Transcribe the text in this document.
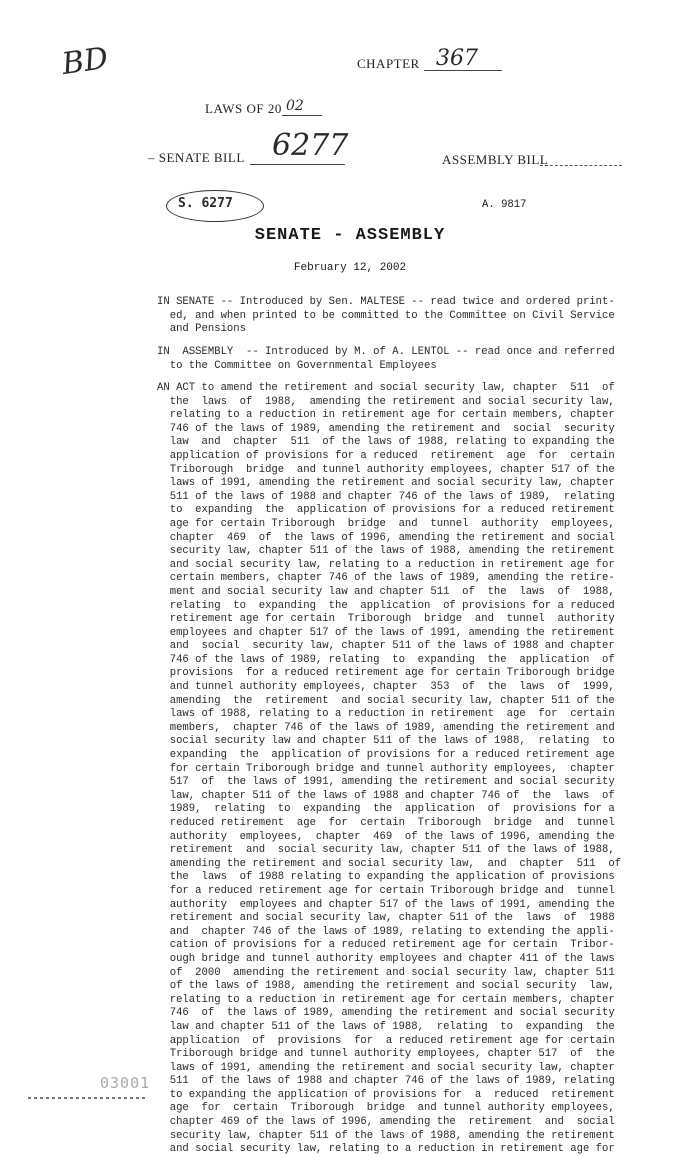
BD	CHAPTER 367
LAWS OF 20 02
– SENATE BILL 6277	ASSEMBLY BILL
S. 6277	A. 9817
SENATE - ASSEMBLY
February 12, 2002
IN SENATE -- Introduced by Sen. MALTESE -- read twice and ordered print-
ed, and when printed to be committed to the Committee on Civil Service
and Pensions
IN  ASSEMBLY  -- Introduced by M. of A. LENTOL -- read once and referred
to the Committee on Governmental Employees
AN ACT to amend the retirement and social security law, chapter  511  of
the  laws  of  1988,  amending the retirement and social security law,
relating to a reduction in retirement age for certain members, chapter
746 of the laws of 1989, amending the retirement and  social  security
law  and  chapter  511  of the laws of 1988, relating to expanding the
application of provisions for a reduced  retirement  age  for  certain
Triborough  bridge  and tunnel authority employees, chapter 517 of the
laws of 1991, amending the retirement and social security law, chapter
511 of the laws of 1988 and chapter 746 of the laws of 1989,  relating
to  expanding  the  application of provisions for a reduced retirement
age for certain Triborough  bridge  and  tunnel  authority  employees,
chapter  469  of  the laws of 1996, amending the retirement and social
security law, chapter 511 of the laws of 1988, amending the retirement
and social security law, relating to a reduction in retirement age for
certain members, chapter 746 of the laws of 1989, amending the retire-
ment and social security law and chapter 511  of  the  laws  of  1988,
relating  to  expanding  the  application  of provisions for a reduced
retirement age for certain  Triborough  bridge  and  tunnel  authority
employees and chapter 517 of the laws of 1991, amending the retirement
and  social  security law, chapter 511 of the laws of 1988 and chapter
746 of the laws of 1989, relating  to  expanding  the  application  of
provisions  for a reduced retirement age for certain Triborough bridge
and tunnel authority employees, chapter  353  of  the  laws  of  1999,
amending  the  retirement  and social security law, chapter 511 of the
laws of 1988, relating to a reduction in retirement  age  for  certain
members,  chapter 746 of the laws of 1989, amending the retirement and
social security law and chapter 511 of the laws of 1988,  relating  to
expanding  the  application of provisions for a reduced retirement age
for certain Triborough bridge and tunnel authority employees,  chapter
517  of  the laws of 1991, amending the retirement and social security
law, chapter 511 of the laws of 1988 and chapter 746 of  the  laws  of
1989,  relating  to  expanding  the  application  of  provisions for a
reduced retirement  age  for  certain  Triborough  bridge  and  tunnel
authority  employees,  chapter  469  of the laws of 1996, amending the
retirement  and  social security law, chapter 511 of the laws of 1988,
amending the retirement and social security law,  and  chapter  511  of
the  laws  of 1988 relating to expanding the application of provisions
for a reduced retirement age for certain Triborough bridge and  tunnel
authority  employees and chapter 517 of the laws of 1991, amending the
retirement and social security law, chapter 511 of the  laws  of  1988
and  chapter 746 of the laws of 1989, relating to extending the appli-
cation of provisions for a reduced retirement age for certain  Tribor-
ough bridge and tunnel authority employees and chapter 411 of the laws
of  2000  amending the retirement and social security law, chapter 511
of the laws of 1988, amending the retirement and social security  law,
relating to a reduction in retirement age for certain members, chapter
746  of  the laws of 1989, amending the retirement and social security
law and chapter 511 of the laws of 1988,  relating  to  expanding  the
application  of  provisions  for  a reduced retirement age for certain
Triborough bridge and tunnel authority employees, chapter 517  of  the
laws of 1991, amending the retirement and social security law, chapter
511  of the laws of 1988 and chapter 746 of the laws of 1989, relating
to expanding the application of provisions for  a  reduced  retirement
age  for  certain  Triborough  bridge  and tunnel authority employees,
chapter 469 of the laws of 1996, amending the  retirement  and  social
security law, chapter 511 of the laws of 1988, amending the retirement
and social security law, relating to a reduction in retirement age for
03001
